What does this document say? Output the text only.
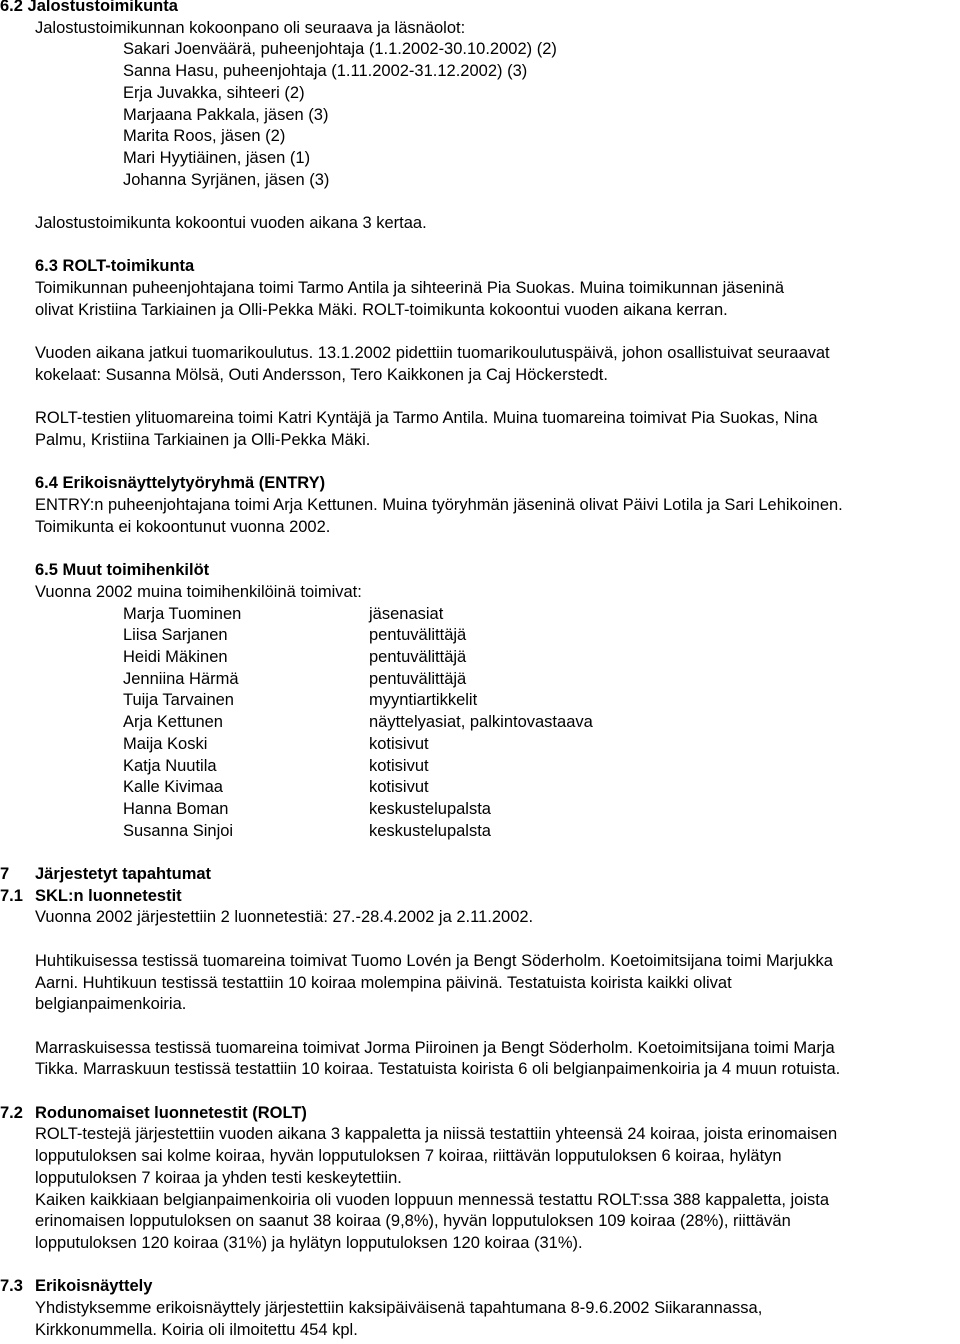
6.2 Jalostustoimikunta
Jalostustoimikunnan kokoonpano oli seuraava ja läsnäolot:
Sakari Joenväärä, puheenjohtaja (1.1.2002-30.10.2002) (2)
Sanna Hasu, puheenjohtaja (1.11.2002-31.12.2002) (3)
Erja Juvakka, sihteeri (2)
Marjaana Pakkala, jäsen (3)
Marita Roos, jäsen (2)
Mari Hyytiäinen, jäsen (1)
Johanna Syrjänen, jäsen (3)
Jalostustoimikunta kokoontui vuoden aikana 3 kertaa.
6.3 ROLT-toimikunta
Toimikunnan puheenjohtajana toimi Tarmo Antila ja sihteerinä Pia Suokas. Muina toimikunnan jäseninä
olivat Kristiina Tarkiainen ja Olli-Pekka Mäki. ROLT-toimikunta kokoontui vuoden aikana kerran.
Vuoden aikana jatkui tuomarikoulutus. 13.1.2002 pidettiin tuomarikoulutuspäivä, johon osallistuivat seuraavat
kokelaat: Susanna Mölsä, Outi Andersson, Tero Kaikkonen ja Caj Höckerstedt.
ROLT-testien ylituomareina toimi Katri Kyntäjä ja Tarmo Antila. Muina tuomareina toimivat Pia Suokas, Nina
Palmu, Kristiina Tarkiainen ja Olli-Pekka Mäki.
6.4 Erikoisnäyttelytyöryhmä (ENTRY)
ENTRY:n puheenjohtajana toimi Arja Kettunen. Muina työryhmän jäseninä olivat Päivi Lotila ja Sari Lehikoinen.
Toimikunta ei kokoontunut vuonna 2002.
6.5 Muut toimihenkilöt
Vuonna 2002 muina toimihenkilöinä toimivat:
Marja Tuominen	jäsenasiat
Liisa Sarjanen	pentuvälittäjä
Heidi Mäkinen	pentuvälittäjä
Jenniina Härmä	pentuvälittäjä
Tuija Tarvainen	myyntiartikkelit
Arja Kettunen	näyttelyasiat, palkintovastaava
Maija Koski	kotisivut
Katja Nuutila	kotisivut
Kalle Kivimaa	kotisivut
Hanna Boman	keskustelupalsta
Susanna Sinjoi	keskustelupalsta
7 Järjestetyt tapahtumat
7.1 SKL:n luonnetestit
Vuonna 2002 järjestettiin 2 luonnetestiä: 27.-28.4.2002 ja 2.11.2002.
Huhtikuisessa testissä tuomareina toimivat Tuomo Lovén ja Bengt Söderholm. Koetoimitsijana toimi Marjukka
Aarni. Huhtikuun testissä testattiin 10 koiraa molempina päivinä. Testatuista koirista kaikki olivat
belgianpaimenkoiria.
Marraskuisessa testissä tuomareina toimivat Jorma Piiroinen ja Bengt Söderholm. Koetoimitsijana toimi Marja
Tikka. Marraskuun testissä testattiin 10 koiraa. Testatuista koirista 6 oli belgianpaimenkoiria ja 4 muun rotuista.
7.2 Rodunomaiset luonnetestit (ROLT)
ROLT-testejä järjestettiin vuoden aikana 3 kappaletta ja niissä testattiin yhteensä 24 koiraa, joista erinomaisen
lopputuloksen sai kolme koiraa, hyvän lopputuloksen 7 koiraa, riittävän lopputuloksen 6 koiraa, hylätyn
lopputuloksen 7 koiraa ja yhden testi keskeytettiin.
Kaiken kaikkiaan belgianpaimenkoiria oli vuoden loppuun mennessä testattu ROLT:ssa 388 kappaletta, joista
erinomaisen lopputuloksen on saanut 38 koiraa (9,8%), hyvän lopputuloksen 109 koiraa (28%), riittävän
lopputuloksen 120 koiraa (31%) ja hylätyn lopputuloksen 120 koiraa (31%).
7.3 Erikoisnäyttely
Yhdistyksemme erikoisnäyttely järjestettiin kaksipäiväisenä tapahtumana 8-9.6.2002 Siikarannassa,
Kirkkonummella. Koiria oli ilmoitettu 454 kpl.
